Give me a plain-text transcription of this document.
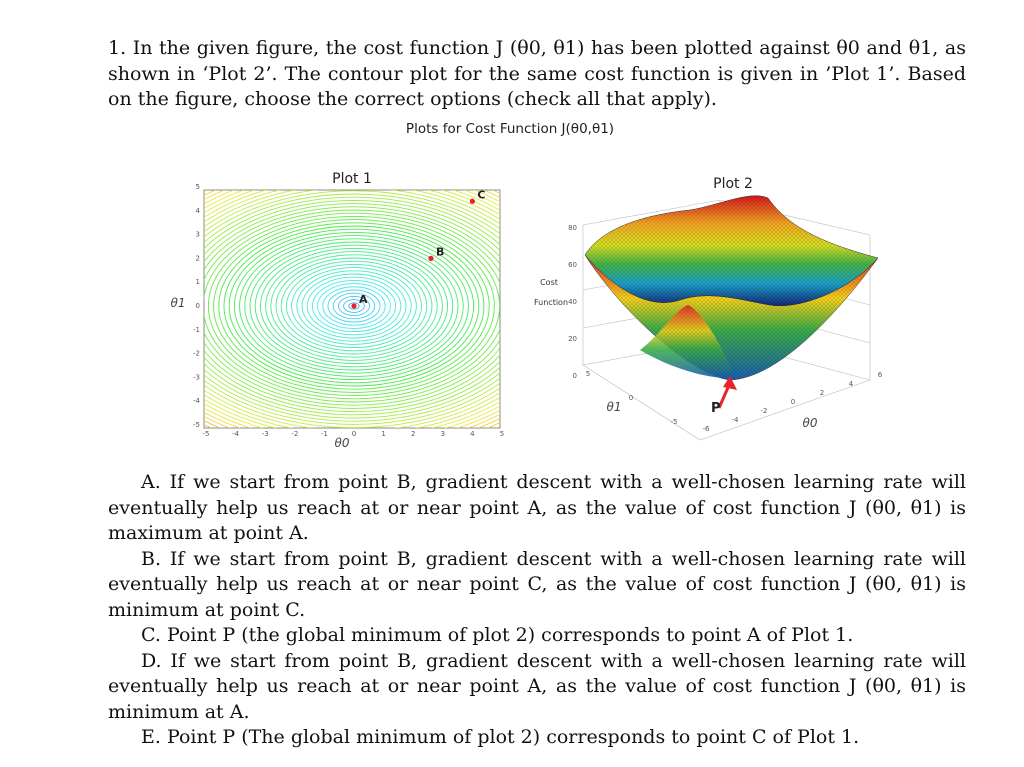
1. In the given figure, the cost function J (θ0, θ1) has been plotted against θ0 and θ1, as shown in ‘Plot 2’. The contour plot for the same cost function is given in ’Plot 1’. Based on the figure, choose the correct options (check all that apply).
Plots for Cost Function J(θ0,θ1)
Plot 1
-5	-4	-3	-2	-1	0	1	2	3	4	5
5
4
3
2
1
0
-1
-2
-3
-4
-5
θ0
θ1	A
B
C
Plot 2
80
60
40
20
0
Cost
Function
5
0
-5
-6
-4
-2
0
2
4
6
θ1
θ0
P
A. If we start from point B, gradient descent with a well-chosen learning rate will eventually help us reach at or near point A, as the value of cost function J (θ0, θ1) is maximum at point A.
B. If we start from point B, gradient descent with a well-chosen learning rate will eventually help us reach at or near point C, as the value of cost function J (θ0, θ1) is minimum at point C.
C. Point P (the global minimum of plot 2) corresponds to point A of Plot 1.
D. If we start from point B, gradient descent with a well-chosen learning rate will eventually help us reach at or near point A, as the value of cost function J (θ0, θ1) is minimum at A.
E. Point P (The global minimum of plot 2) corresponds to point C of Plot 1.
